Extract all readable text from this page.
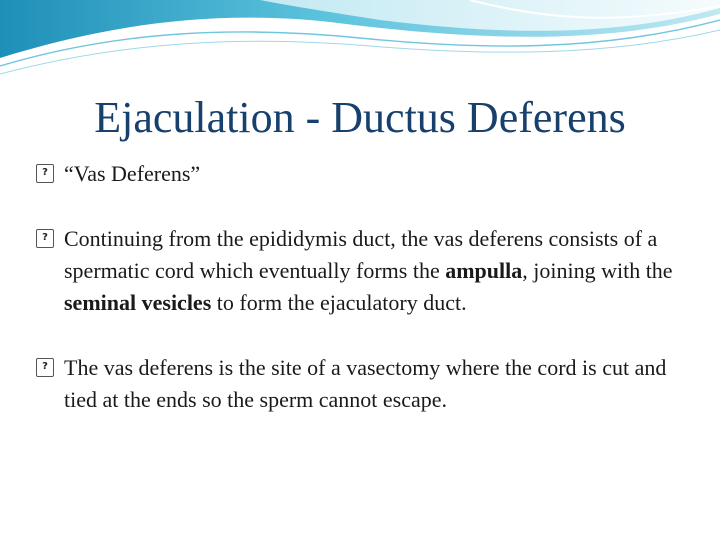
Ejaculation - Ductus Deferens
? “Vas Deferens”
? Continuing from the epididymis duct, the vas deferens consists of a spermatic cord which eventually forms the ampulla, joining with the seminal vesicles to form the ejaculatory duct.
? The vas deferens is the site of a vasectomy where the cord is cut and tied at the ends so the sperm cannot escape.
